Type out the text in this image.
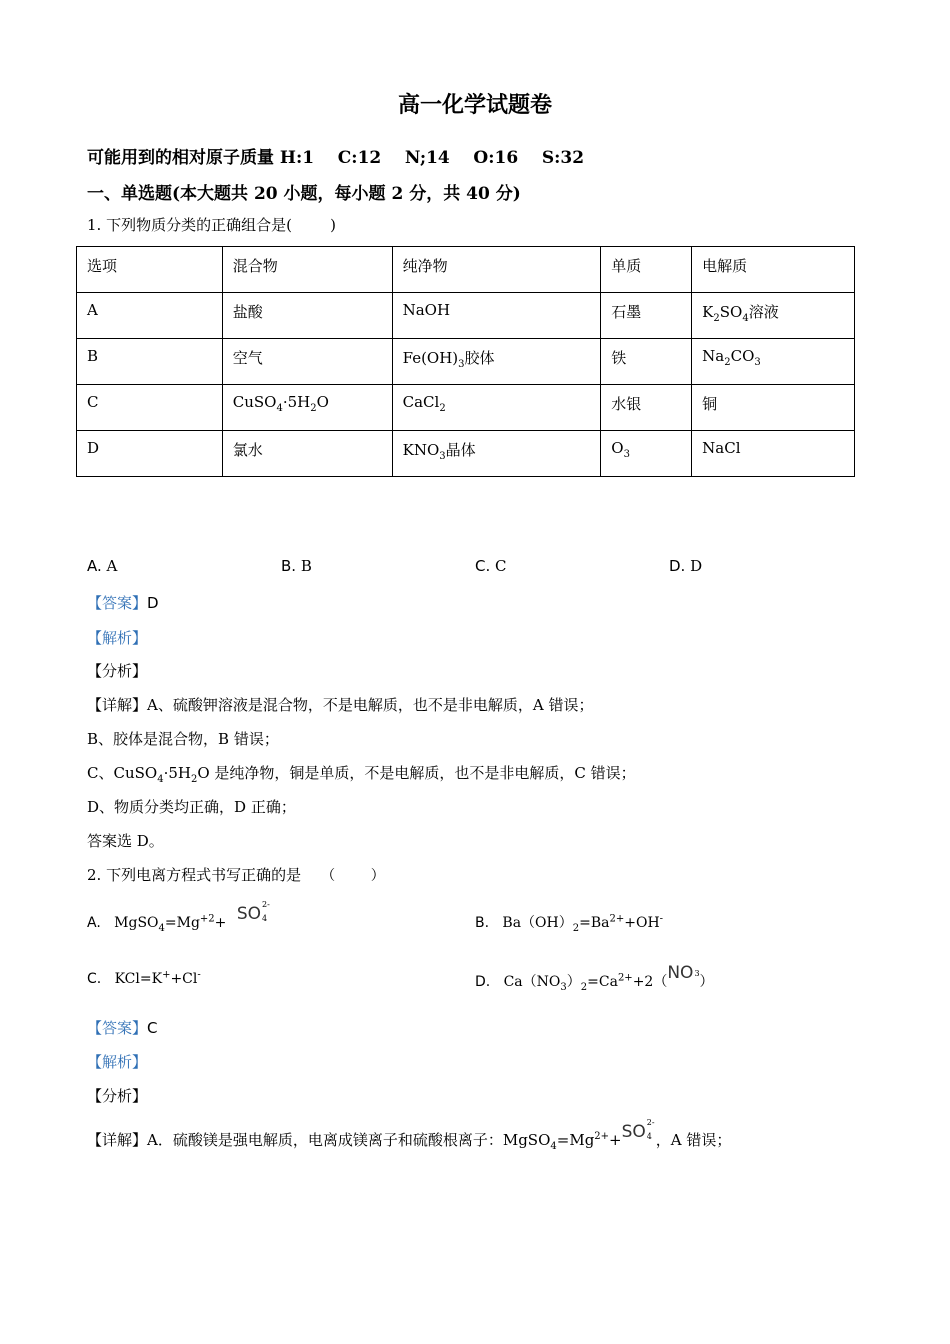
高一化学试题卷
可能用到的相对原子质量 H:1    C:12    N;14    O:16    S:32
一、单选题(本大题共 20 小题，每小题 2 分，共 40 分)
1. 下列物质分类的正确组合是(        )
选项	混合物	纯净物	单质	电解质
A	盐酸	NaOH	石墨	$K_2SO_4$溶液
B	空气	$Fe(OH)_3$胶体	铁	$Na_2CO_3$
C	$CuSO_4\cdot 5H_2O$	CaCl$_2$	水银	铜
D	氯水	$KNO_3$晶体	$O_3$	NaCl
A. A	B. B	C. C	D. D
【答案】D
【解析】
【分析】
【详解】A、硫酸钾溶液是混合物，不是电解质，也不是非电解质，A 错误；
B、胶体是混合物，B 错误；
C、$CuSO_4\cdot 5H_2O$ 是纯净物，铜是单质，不是电解质，也不是非电解质，C 错误；
D、物质分类均正确，D 正确；
答案选 D。
2. 下列电离方程式书写正确的是 （        ）
A. $MgSO_4=Mg^{+2}+$ SO 2-
4	B. $Ba(OH)_2=Ba^{2+}+OH^-$
C. KCl=K++Cl-	D. $Ca(NO_3)_2=Ca^{2+}+2(NO$ 3
）
【答案】C
【解析】
【分析】
【详解】A．硫酸镁是强电解质，电离成镁离子和硫酸根离子：$MgSO_4=Mg^{2+}+SO$ 2-
4 ，A 错误；
